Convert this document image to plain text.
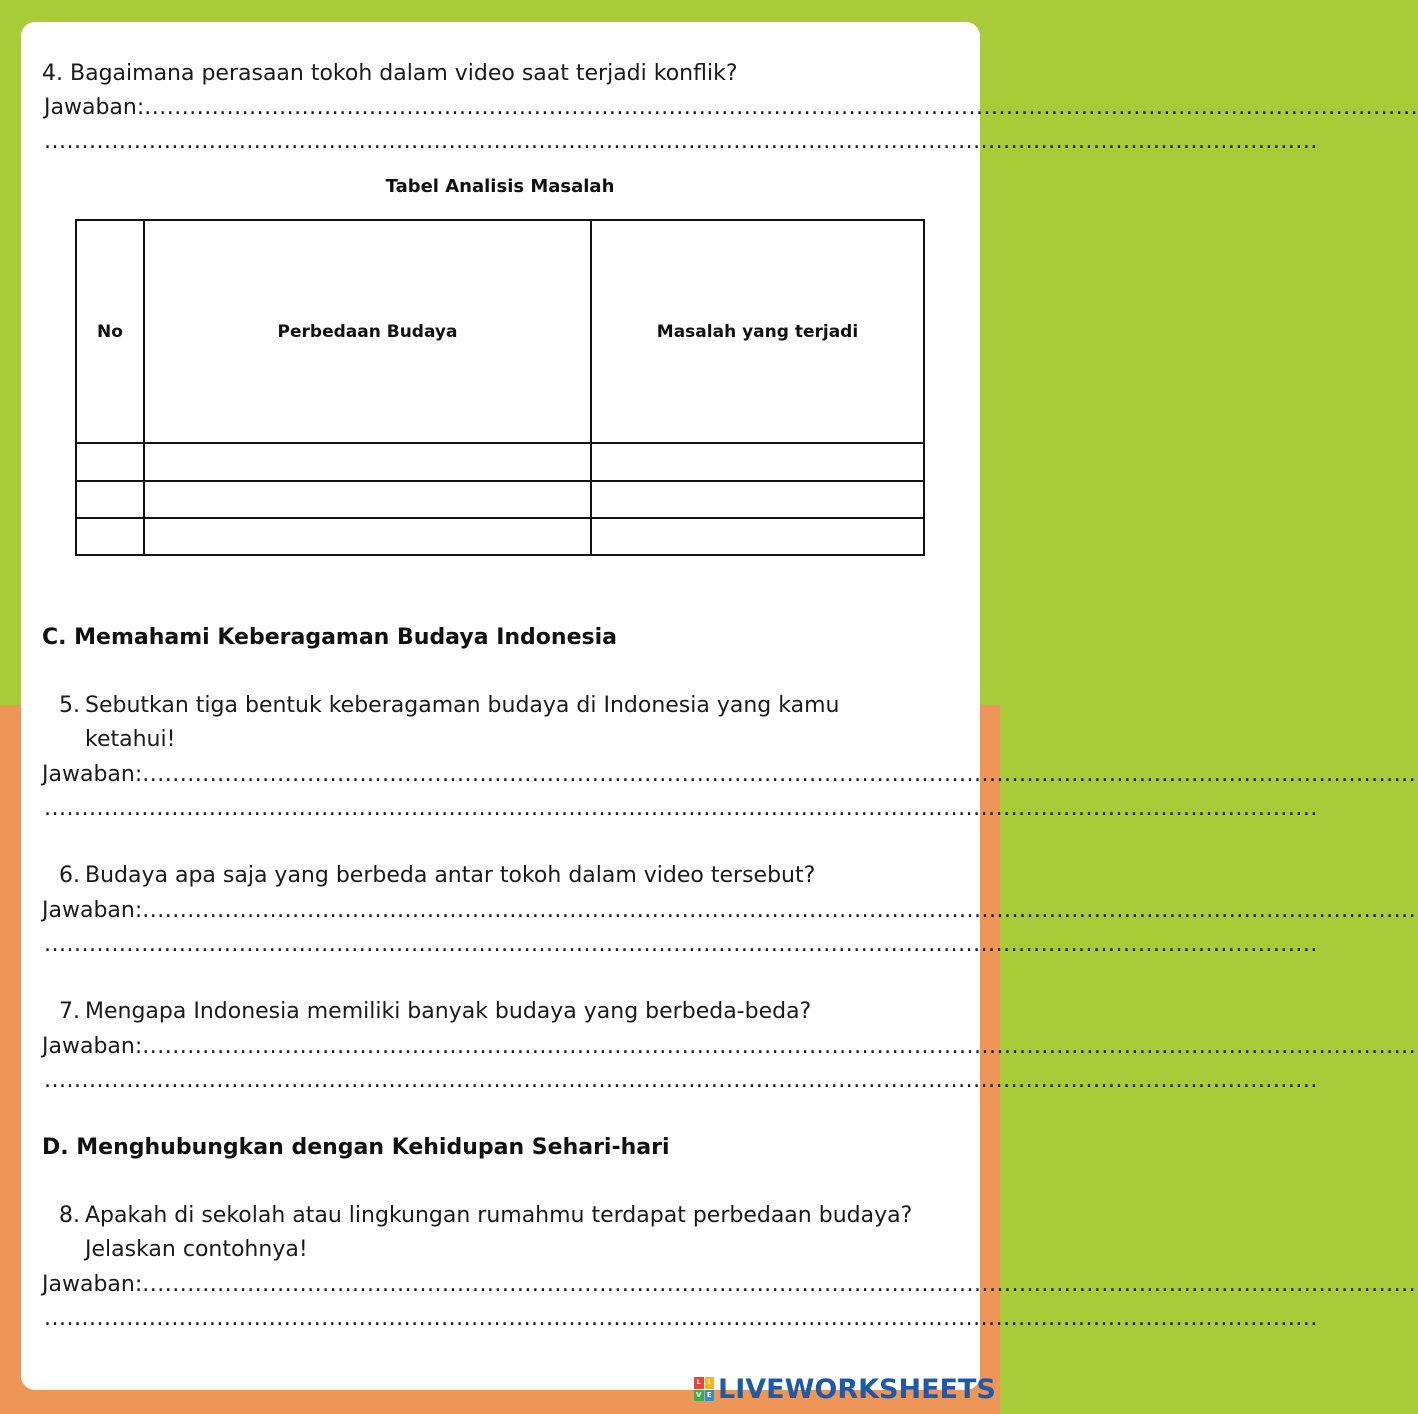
4. Bagaimana perasaan tokoh dalam video saat terjadi konflik?
Jawaban:..........................................................................................................................................................................
..........................................................................................................................................................................
Tabel Analisis Masalah
No	Perbedaan Budaya	Masalah yang terjadi

C. Memahami Keberagaman Budaya Indonesia
5. Sebutkan tiga bentuk keberagaman budaya di Indonesia yang kamu
ketahui!
Jawaban:..........................................................................................................................................................................
..........................................................................................................................................................................
6. Budaya apa saja yang berbeda antar tokoh dalam video tersebut?
Jawaban:..........................................................................................................................................................................
..........................................................................................................................................................................
7. Mengapa Indonesia memiliki banyak budaya yang berbeda-beda?
Jawaban:..........................................................................................................................................................................
..........................................................................................................................................................................
D. Menghubungkan dengan Kehidupan Sehari-hari
8. Apakah di sekolah atau lingkungan rumahmu terdapat perbedaan budaya?
Jelaskan contohnya!
Jawaban:..........................................................................................................................................................................
..........................................................................................................................................................................
L I
V E LIVEWORKSHEETS
